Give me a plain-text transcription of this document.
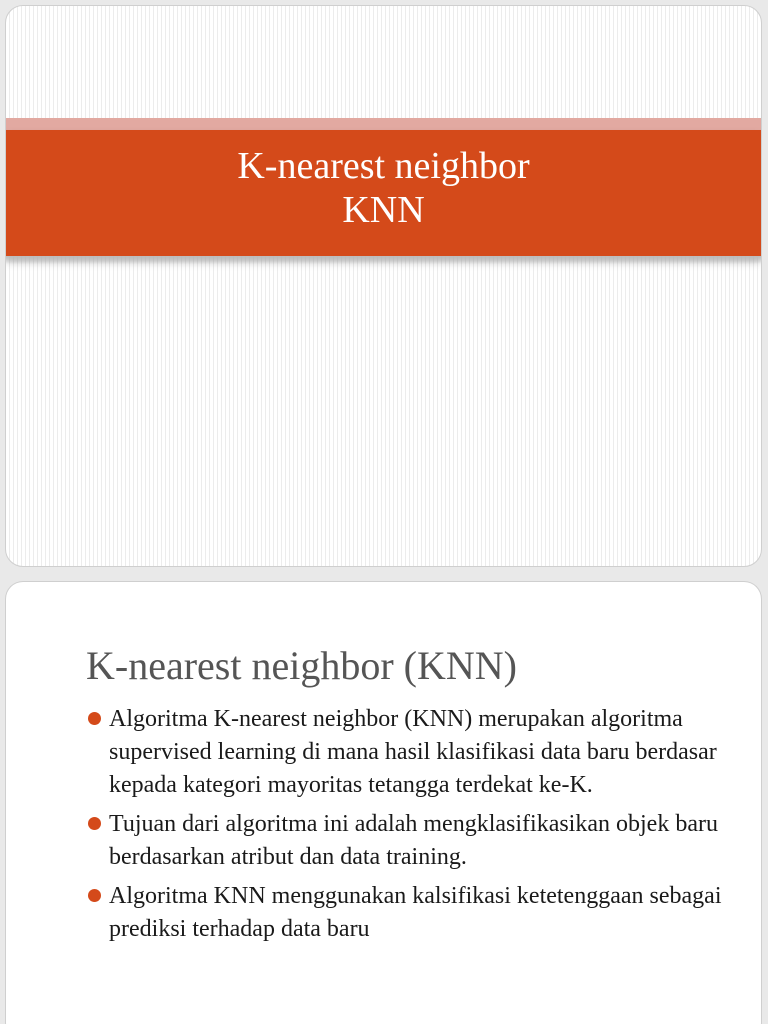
K-nearest neighbor
KNN
K-nearest neighbor (KNN)
Algoritma K-nearest neighbor (KNN) merupakan algoritma supervised learning di mana hasil klasifikasi data baru berdasar kepada kategori mayoritas tetangga terdekat ke-K.
Tujuan dari algoritma ini adalah mengklasifikasikan objek baru berdasarkan atribut dan data training.
Algoritma KNN menggunakan kalsifikasi ketetenggaan sebagai prediksi terhadap data baru
